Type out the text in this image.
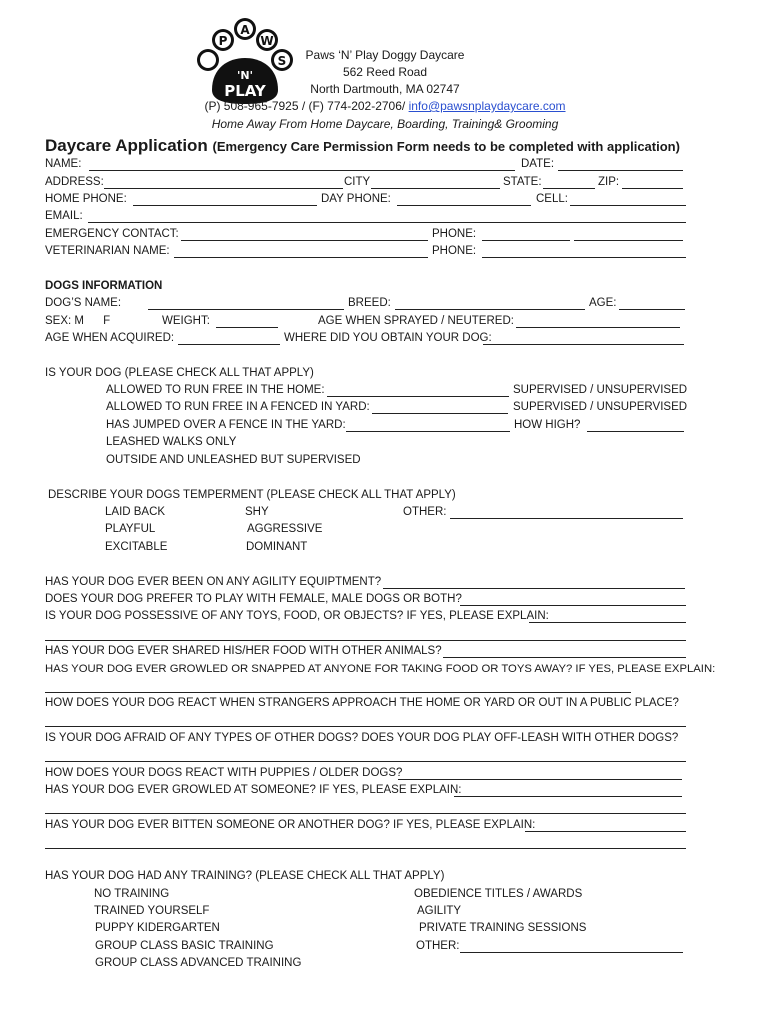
P
A
W
S
'N'
PLAY
Paws ‘N’ Play Doggy Daycare
562 Reed Road
North Dartmouth, MA 02747
(P) 508-965-7925 / (F) 774-202-2706/ info@pawsnplaydaycare.com
Home Away From Home Daycare, Boarding, Training& Grooming
Daycare Application (Emergency Care Permission Form needs to be completed with application)
NAME:	DATE:
ADDRESS:	CITY	STATE:	ZIP:
HOME PHONE:	DAY PHONE:	CELL:
EMAIL:
EMERGENCY CONTACT:	PHONE:
VETERINARIAN NAME:	PHONE:
DOGS INFORMATION
DOG’S NAME:	BREED:	AGE:
SEX: M      F	WEIGHT:	AGE WHEN SPRAYED / NEUTERED:
AGE WHEN ACQUIRED:	WHERE DID YOU OBTAIN YOUR DOG:
IS YOUR DOG (PLEASE CHECK ALL THAT APPLY)
ALLOWED TO RUN FREE IN THE HOME:	SUPERVISED / UNSUPERVISED
ALLOWED TO RUN FREE IN A FENCED IN YARD:	SUPERVISED / UNSUPERVISED
HAS JUMPED OVER A FENCE IN THE YARD:	HOW HIGH?
LEASHED WALKS ONLY
OUTSIDE AND UNLEASHED BUT SUPERVISED
DESCRIBE YOUR DOGS TEMPERMENT (PLEASE CHECK ALL THAT APPLY)
LAID BACK	SHY	OTHER:
PLAYFUL	AGGRESSIVE
EXCITABLE	DOMINANT
HAS YOUR DOG EVER BEEN ON ANY AGILITY EQUIPTMENT?
DOES YOUR DOG PREFER TO PLAY WITH FEMALE, MALE DOGS OR BOTH?
IS YOUR DOG POSSESSIVE OF ANY TOYS, FOOD, OR OBJECTS? IF YES, PLEASE EXPLAIN:
HAS YOUR DOG EVER SHARED HIS/HER FOOD WITH OTHER ANIMALS?
HAS YOUR DOG EVER GROWLED OR SNAPPED AT ANYONE FOR TAKING FOOD OR TOYS AWAY? IF YES, PLEASE EXPLAIN:
HOW DOES YOUR DOG REACT WHEN STRANGERS APPROACH THE HOME OR YARD OR OUT IN A PUBLIC PLACE?
IS YOUR DOG AFRAID OF ANY TYPES OF OTHER DOGS? DOES YOUR DOG PLAY OFF-LEASH WITH OTHER DOGS?
HOW DOES YOUR DOGS REACT WITH PUPPIES / OLDER DOGS?
HAS YOUR DOG EVER GROWLED AT SOMEONE? IF YES, PLEASE EXPLAIN:
HAS YOUR DOG EVER BITTEN SOMEONE OR ANOTHER DOG? IF YES, PLEASE EXPLAIN:
HAS YOUR DOG HAD ANY TRAINING? (PLEASE CHECK ALL THAT APPLY)
NO TRAINING	OBEDIENCE TITLES / AWARDS
TRAINED YOURSELF	AGILITY
PUPPY KIDERGARTEN	PRIVATE TRAINING SESSIONS
GROUP CLASS BASIC TRAINING	OTHER:
GROUP CLASS ADVANCED TRAINING
